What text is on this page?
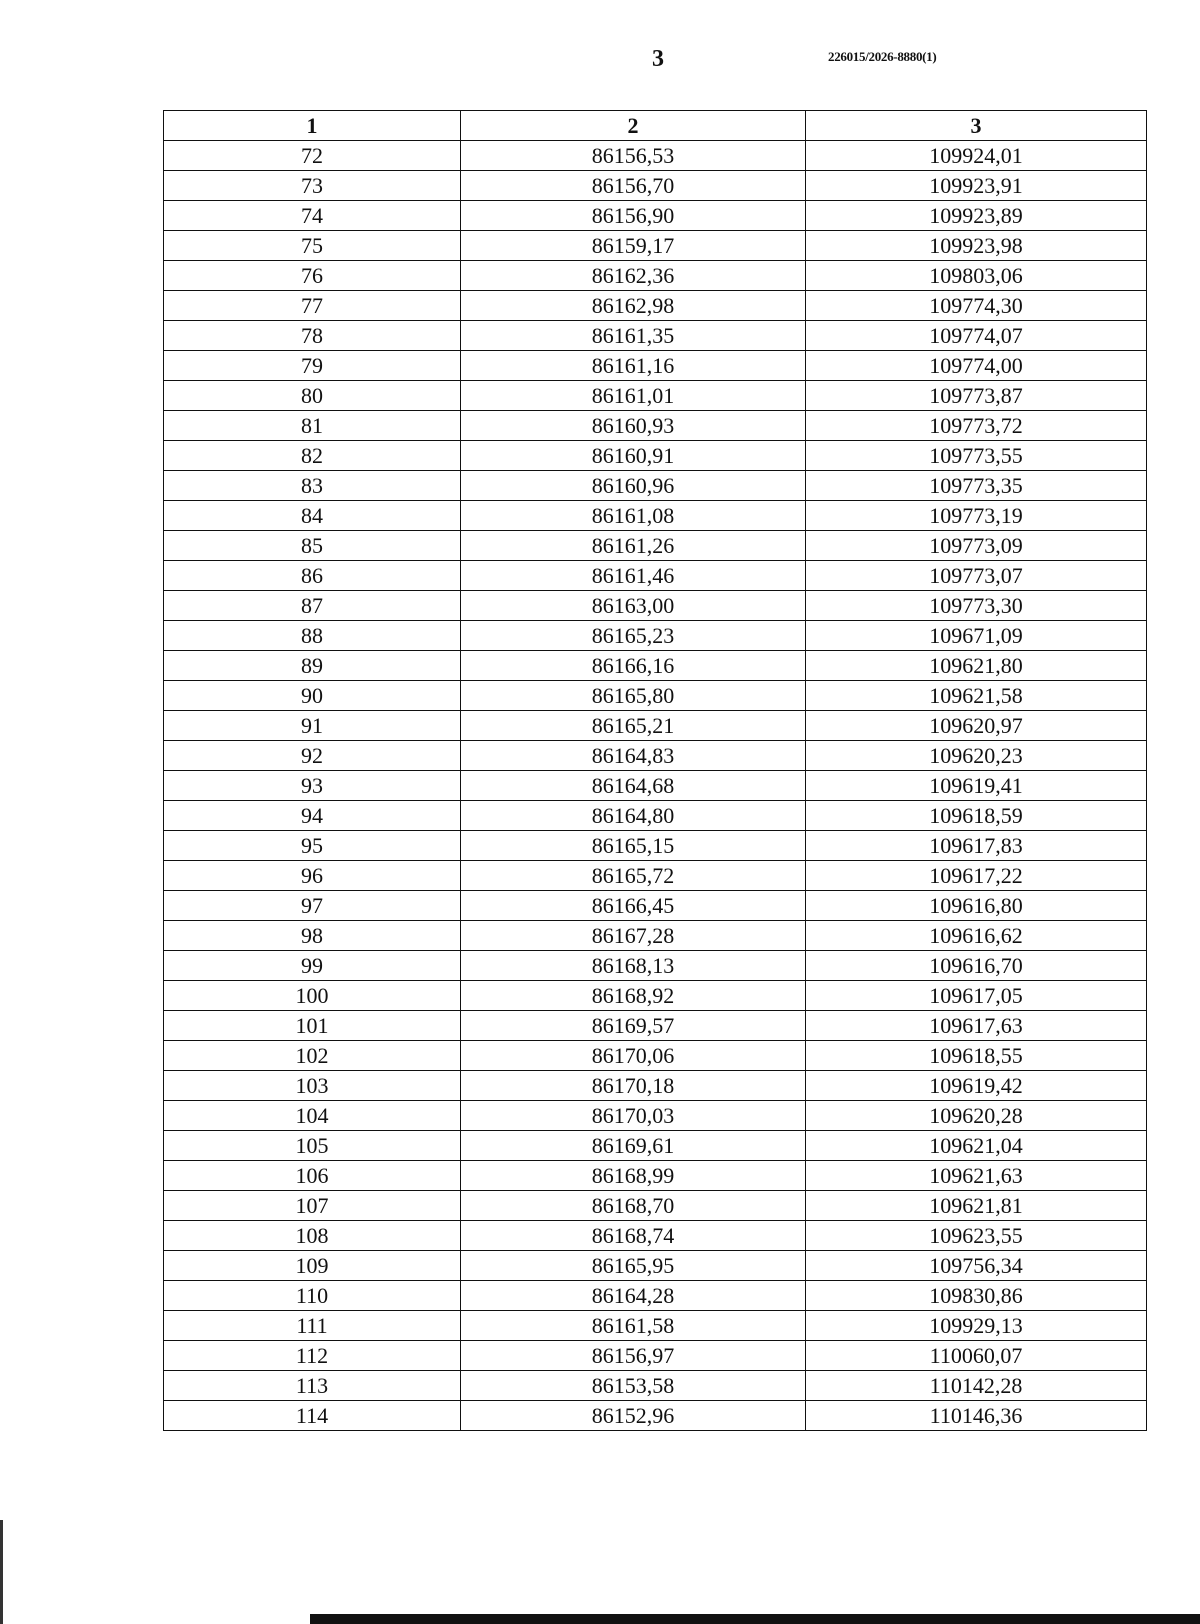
3	226015/2026-8880(1)
1	2	3
72	86156,53	109924,01
73	86156,70	109923,91
74	86156,90	109923,89
75	86159,17	109923,98
76	86162,36	109803,06
77	86162,98	109774,30
78	86161,35	109774,07
79	86161,16	109774,00
80	86161,01	109773,87
81	86160,93	109773,72
82	86160,91	109773,55
83	86160,96	109773,35
84	86161,08	109773,19
85	86161,26	109773,09
86	86161,46	109773,07
87	86163,00	109773,30
88	86165,23	109671,09
89	86166,16	109621,80
90	86165,80	109621,58
91	86165,21	109620,97
92	86164,83	109620,23
93	86164,68	109619,41
94	86164,80	109618,59
95	86165,15	109617,83
96	86165,72	109617,22
97	86166,45	109616,80
98	86167,28	109616,62
99	86168,13	109616,70
100	86168,92	109617,05
101	86169,57	109617,63
102	86170,06	109618,55
103	86170,18	109619,42
104	86170,03	109620,28
105	86169,61	109621,04
106	86168,99	109621,63
107	86168,70	109621,81
108	86168,74	109623,55
109	86165,95	109756,34
110	86164,28	109830,86
111	86161,58	109929,13
112	86156,97	110060,07
113	86153,58	110142,28
114	86152,96	110146,36
